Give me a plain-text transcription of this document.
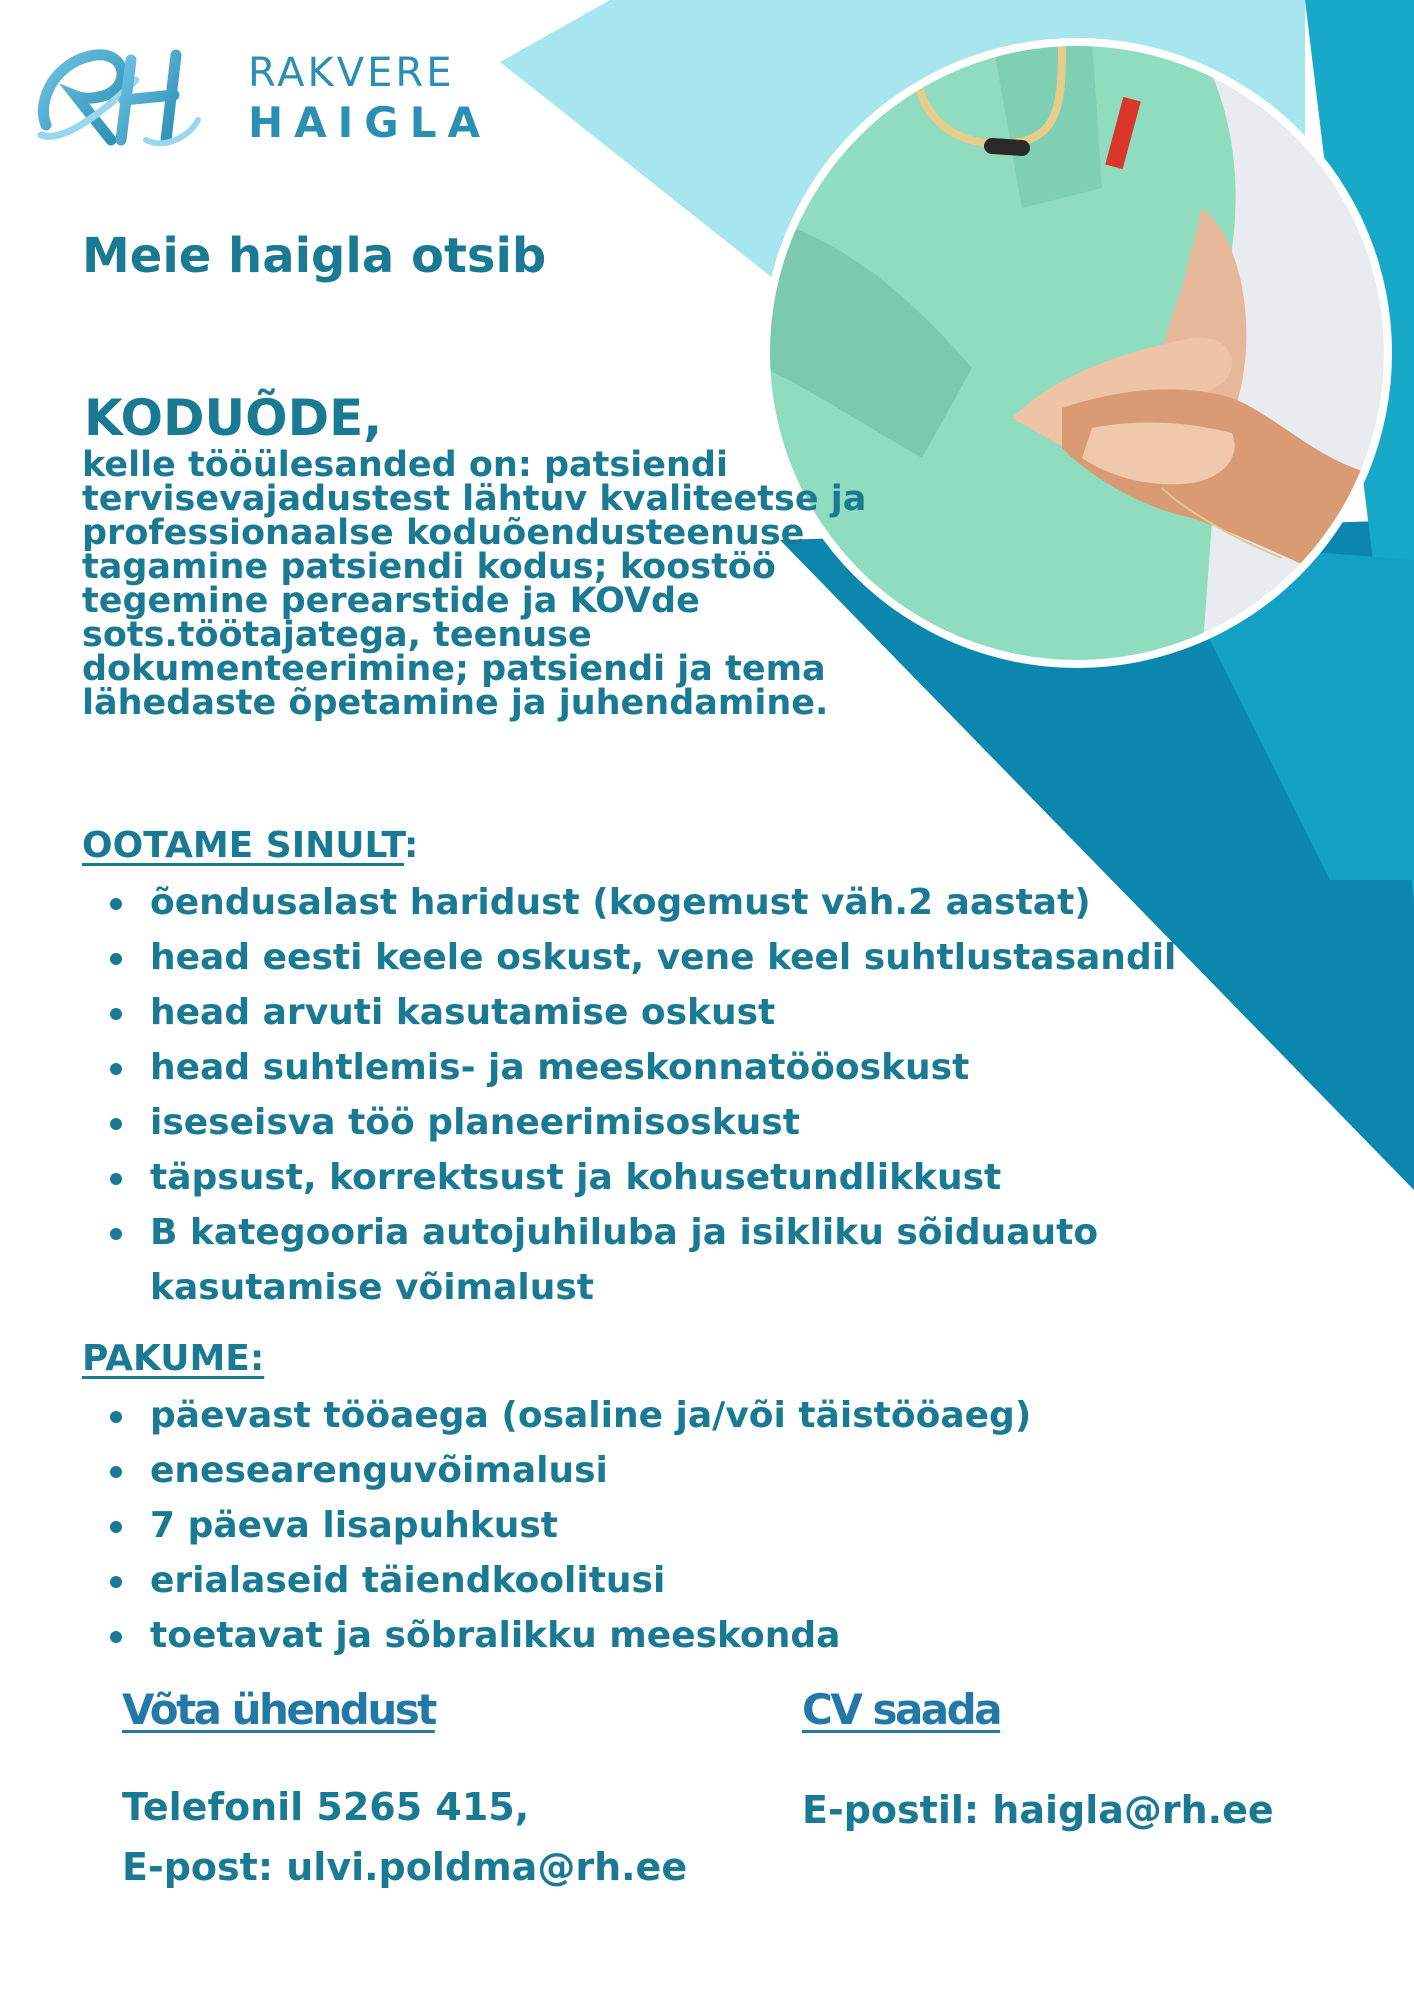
RAKVERE
HAIGLA
Meie haigla otsib
KODUÕDE,
kelle tööülesanded on: patsiendi tervisevajadustest lähtuv kvaliteetse ja professionaalse koduõendusteenuse tagamine patsiendi kodus; koostöö tegemine perearstide ja KOVde sots.töötajatega, teenuse dokumenteerimine; patsiendi ja tema lähedaste õpetamine ja juhendamine.
OOTAME SINULT:
õendusalast haridust (kogemust väh.2 aastat)
head eesti keele oskust, vene keel suhtlustasandil
head arvuti kasutamise oskust
head suhtlemis- ja meeskonnatööoskust
iseseisva töö planeerimisoskust
täpsust, korrektsust ja kohusetundlikkust
B kategooria autojuhiluba ja isikliku sõiduauto kasutamise võimalust
PAKUME:
päevast tööaega (osaline ja/või täistööaeg)
enesearenguvõimalusi
7 päeva lisapuhkust
erialaseid täiendkoolitusi
toetavat ja sõbralikku meeskonda
Võta ühendust
Telefonil 5265 415,
E-post: ulvi.poldma@rh.ee
CV saada
E-postil: haigla@rh.ee
